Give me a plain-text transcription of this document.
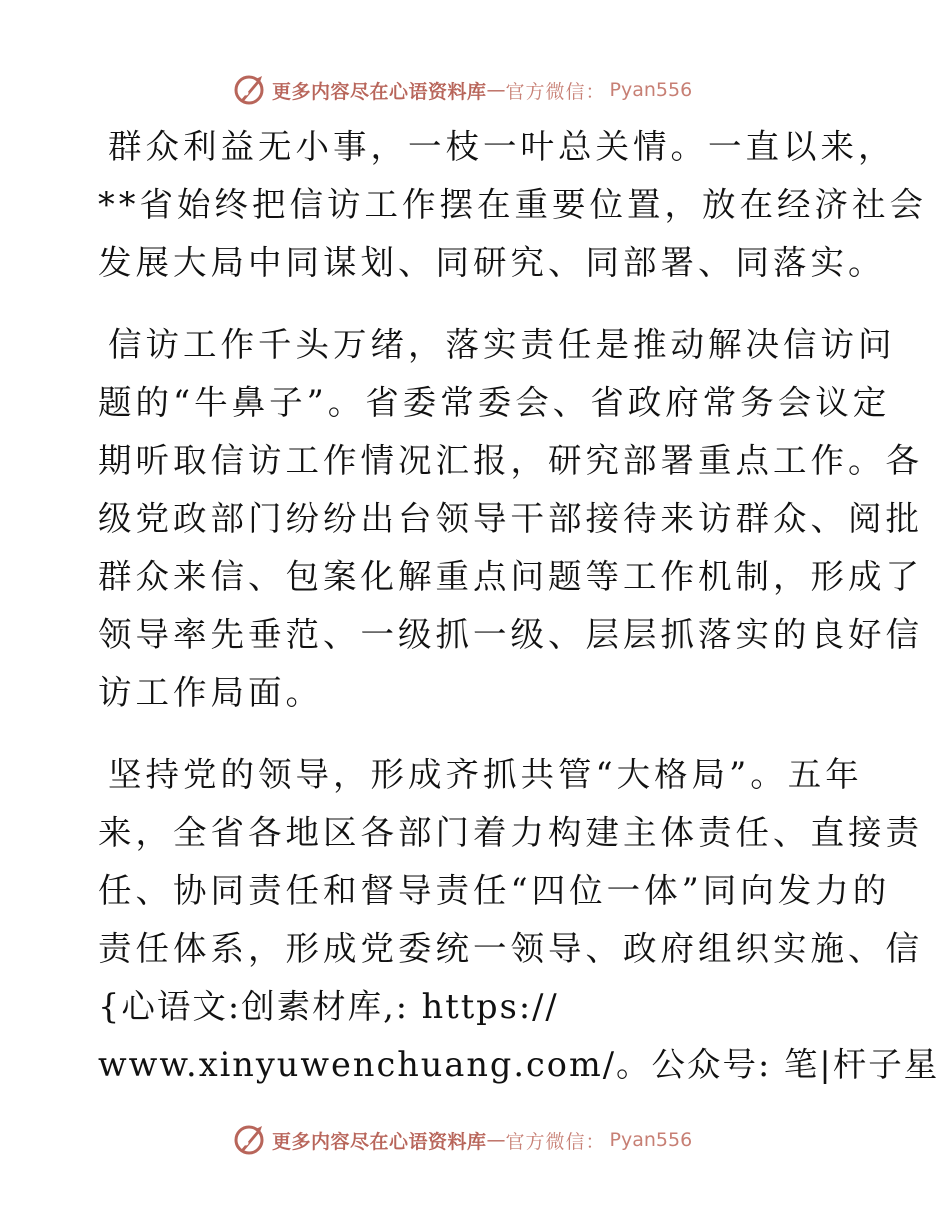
更多内容尽在心语资料库 — 官方微信： Pyan556

群众利益无小事，一枝一叶总关情。一直以来，
**省始终把信访工作摆在重要位置，放在经济社会
发展大局中同谋划、同研究、同部署、同落实。

信访工作千头万绪，落实责任是推动解决信访问
题的“牛鼻子”。省委常委会、省政府常务会议定
期听取信访工作情况汇报，研究部署重点工作。各
级党政部门纷纷出台领导干部接待来访群众、阅批
群众来信、包案化解重点问题等工作机制，形成了
领导率先垂范、一级抓一级、层层抓落实的良好信
访工作局面。

坚持党的领导，形成齐抓共管“大格局”。五年
来，全省各地区各部门着力构建主体责任、直接责
任、协同责任和督导责任“四位一体”同向发力的
责任体系，形成党委统一领导、政府组织实施、信

{心语文:创素材库,: https://
www.xinyuwenchuang.com/。公众号: 笔|杆子星
更多内容尽在心语资料库 — 官方微信： Pyan556
